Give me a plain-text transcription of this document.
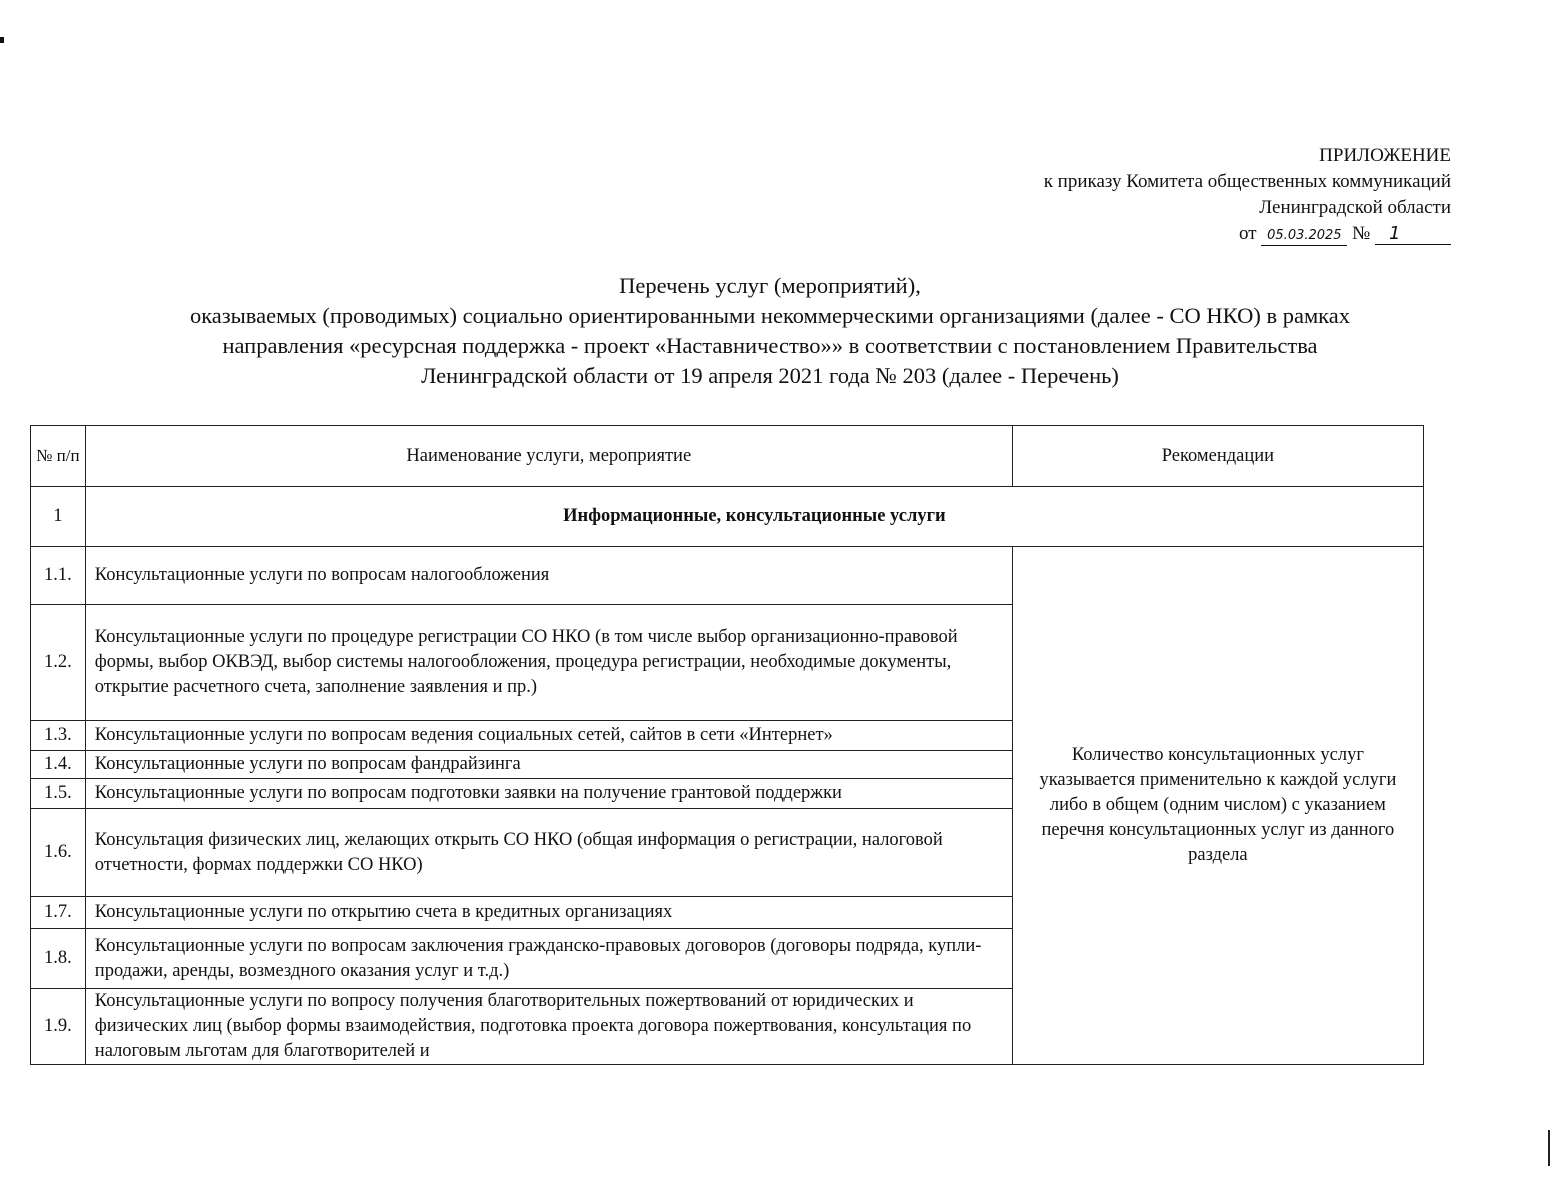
ПРИЛОЖЕНИЕ
к приказу Комитета общественных коммуникаций
Ленинградской области
от 05.03.2025 № 1
Перечень услуг (мероприятий),
оказываемых (проводимых) социально ориентированными некоммерческими организациями (далее - СО НКО) в рамках
направления «ресурсная поддержка - проект «Наставничество»» в соответствии с постановлением Правительства
Ленинградской области от 19 апреля 2021 года № 203 (далее - Перечень)
№ п/п	Наименование услуги, мероприятие	Рекомендации
1	Информационные, консультационные услуги	
1.1.	Консультационные услуги по вопросам налогообложения	Количество консультационных услуг указывается применительно к каждой услуги либо в общем (одним числом) с указанием перечня консультационных услуг из данного раздела
1.2.	Консультационные услуги по процедуре регистрации СО НКО (в том числе выбор организационно-правовой формы, выбор ОКВЭД, выбор системы налогообложения, процедура регистрации, необходимые документы, открытие расчетного счета, заполнение заявления и пр.)	
1.3.	Консультационные услуги по вопросам ведения социальных сетей, сайтов в сети «Интернет»	
1.4.	Консультационные услуги по вопросам фандрайзинга	
1.5.	Консультационные услуги по вопросам подготовки заявки на получение грантовой поддержки	
1.6.	Консультация физических лиц, желающих открыть СО НКО (общая информация о регистрации, налоговой отчетности, формах поддержки СО НКО)	
1.7.	Консультационные услуги по открытию счета в кредитных организациях	
1.8.	Консультационные услуги по вопросам заключения гражданско-правовых договоров (договоры подряда, купли-продажи, аренды, возмездного оказания услуг и т.д.)	
1.9.	Консультационные услуги по вопросу получения благотворительных пожертвований от юридических и физических лиц (выбор формы взаимодействия, подготовка проекта договора пожертвования, консультация по налоговым льготам для благотворителей и	
